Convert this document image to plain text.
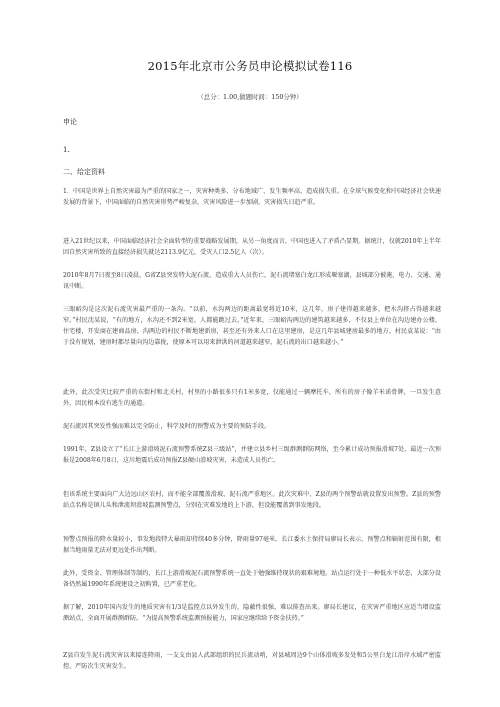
2015年北京市公务员申论模拟试卷116
（总分：1.00,做题时间：150分钟）
申论
1.
二、给定资料

1．中国是世界上自然灾害最为严重的国家之一，灾害种类多、分布地域广、发生频率高、造成损失重。在全球气候变化和中国经济社会快速发展的背景下，中国面临的自然灾害形势严峻复杂，灾害风险进一步加剧，灾害损失日趋严重。

进入21世纪以来，中国面临经济社会全面转型的重要战略发展期，从另一角度而言，中国也进入了矛盾凸显期。据统计，仅就2010年上半年因自然灾害所致的直接经济损失就达2113.9亿元，受灾人口2.5亿人（次）。

2010年8月7日夜至8日凌晨，G省Z县突发特大泥石流，造成重大人员伤亡，泥石流堵塞白龙江形成堰塞湖，县城部分被淹，电力、交通、通讯中断。

三眼峪沟是这次泥石流灾害最严重的一条沟。“以前，水沟两边的距离最宽将近10米，这几年，房子建得越来越多，把水沟挤占得越来越窄。”村民沈某说，“有的地方，水沟还不到2米宽，人都能跳过去。”近年来，三眼峪沟两边的建筑越来越多，不仅县上单位在沟边建办公楼、住宅楼，开发商在建商品房，沟两边的村民不断地建新房，甚至还有外来人口在这里建房，是这几年县城建房最多的地方。村民袁某说：“由于没有规划，建房时都尽量向沟边靠拢，使原本可以用来泄洪的河道越来越窄，泥石流的出口越来越小。”

此外，此次受灾比较严重的东街村和北关村，村里的小路很多只有1米多宽，仅能通过一辆摩托车，所有的房子像羊米诺骨牌，一旦发生意外，因民根本没有逃生的通道。

泥石流因其突发性强而难以完全防止，科学及时的预警成为主要的预防手段。

1991年，Z县设立了“长江上游滑坡泥石流预警系统Z县三级站”，并建立县乡村三级群测群防网络，至今累计成功预报滑坡7处，最近一次预报是2008年6月8日，这川地震后成功预报Z县硬山滑坡灾害，未造成人员伤亡。

但该系统主要面向广大边远山区农村，而不能全部覆盖滑坡、泥石流严重地区。此次灾难中，Z县的两个预警站就设置发出预警。Z县的预警站点名称是镇儿头和泄流坝滑坡监测预警点，分别在灾难发地的上下游，但设能覆盖到事发地段。

预警点预报的降水量较小，事发地段特大暴雨却持续40多分钟，降雨量97毫米。长江委水土保持局廖局长表示，预警点和辐射范围有限，根据当地雨量无法对更远处作出判断。

此外，受资金、管理体制等制约，长江上游滑坡泥石流预警系统一直处于勉强维持现状的艰难境地。站点运行处于一种低水平状态，大部分设备仍然属1990年系统建设之初购置，已严重老化。

据了解，2010年国内发生的地质灾害有1/3是监控点以外发生的，隐蔽性很强，难以排查出来。廖局长建议，在灾害严重地区应适当增设监测站点，全面开展群测群防。“为提高预警系统监测预报能力，国家应继续给予资金扶持。”

Z县自发生泥石流灾害以来接连降雨，一支支由县人武部组织的民兵流动哨，对县城周边9个山体滑坡多发处和5公里白龙江沿岸水域严密监控，严防次生灾害发生。
